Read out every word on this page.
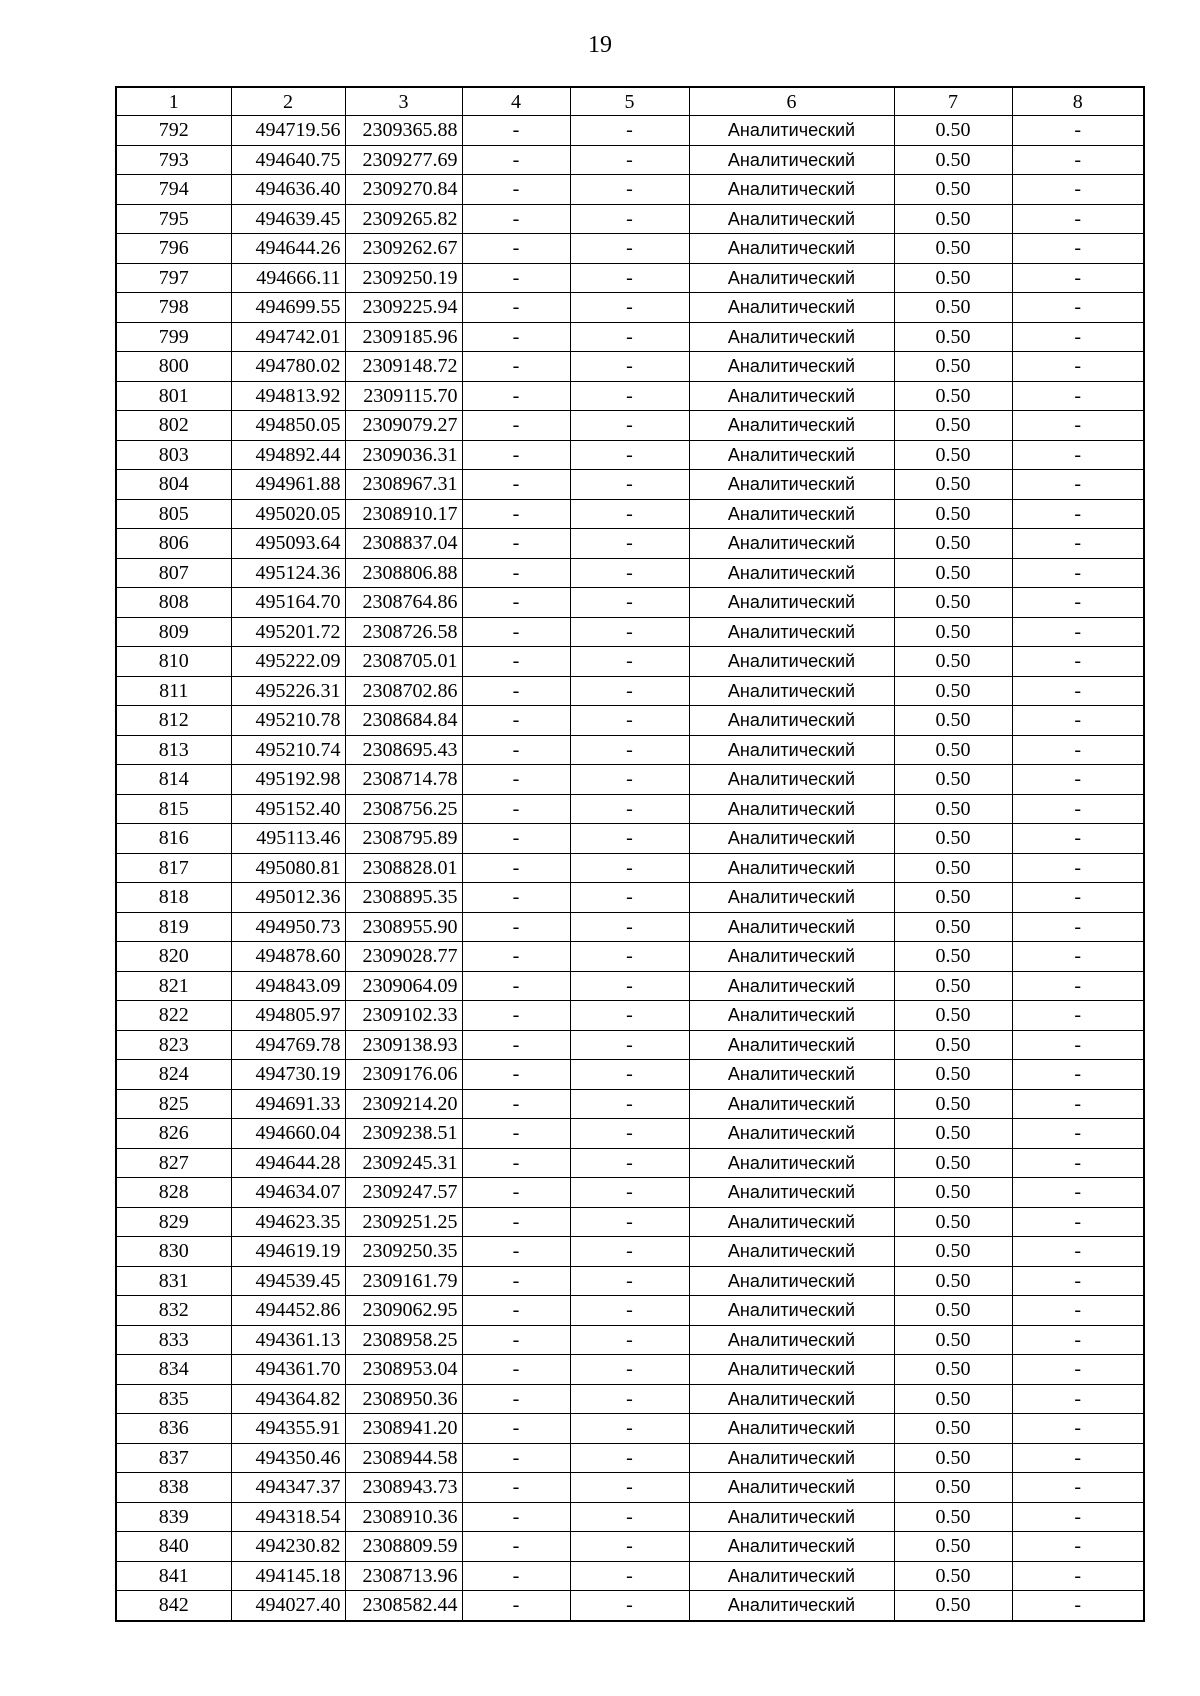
19
1	2	3	4	5	6	7	8
792	494719.56	2309365.88	-	-	Аналитический	0.50	-
793	494640.75	2309277.69	-	-	Аналитический	0.50	-
794	494636.40	2309270.84	-	-	Аналитический	0.50	-
795	494639.45	2309265.82	-	-	Аналитический	0.50	-
796	494644.26	2309262.67	-	-	Аналитический	0.50	-
797	494666.11	2309250.19	-	-	Аналитический	0.50	-
798	494699.55	2309225.94	-	-	Аналитический	0.50	-
799	494742.01	2309185.96	-	-	Аналитический	0.50	-
800	494780.02	2309148.72	-	-	Аналитический	0.50	-
801	494813.92	2309115.70	-	-	Аналитический	0.50	-
802	494850.05	2309079.27	-	-	Аналитический	0.50	-
803	494892.44	2309036.31	-	-	Аналитический	0.50	-
804	494961.88	2308967.31	-	-	Аналитический	0.50	-
805	495020.05	2308910.17	-	-	Аналитический	0.50	-
806	495093.64	2308837.04	-	-	Аналитический	0.50	-
807	495124.36	2308806.88	-	-	Аналитический	0.50	-
808	495164.70	2308764.86	-	-	Аналитический	0.50	-
809	495201.72	2308726.58	-	-	Аналитический	0.50	-
810	495222.09	2308705.01	-	-	Аналитический	0.50	-
811	495226.31	2308702.86	-	-	Аналитический	0.50	-
812	495210.78	2308684.84	-	-	Аналитический	0.50	-
813	495210.74	2308695.43	-	-	Аналитический	0.50	-
814	495192.98	2308714.78	-	-	Аналитический	0.50	-
815	495152.40	2308756.25	-	-	Аналитический	0.50	-
816	495113.46	2308795.89	-	-	Аналитический	0.50	-
817	495080.81	2308828.01	-	-	Аналитический	0.50	-
818	495012.36	2308895.35	-	-	Аналитический	0.50	-
819	494950.73	2308955.90	-	-	Аналитический	0.50	-
820	494878.60	2309028.77	-	-	Аналитический	0.50	-
821	494843.09	2309064.09	-	-	Аналитический	0.50	-
822	494805.97	2309102.33	-	-	Аналитический	0.50	-
823	494769.78	2309138.93	-	-	Аналитический	0.50	-
824	494730.19	2309176.06	-	-	Аналитический	0.50	-
825	494691.33	2309214.20	-	-	Аналитический	0.50	-
826	494660.04	2309238.51	-	-	Аналитический	0.50	-
827	494644.28	2309245.31	-	-	Аналитический	0.50	-
828	494634.07	2309247.57	-	-	Аналитический	0.50	-
829	494623.35	2309251.25	-	-	Аналитический	0.50	-
830	494619.19	2309250.35	-	-	Аналитический	0.50	-
831	494539.45	2309161.79	-	-	Аналитический	0.50	-
832	494452.86	2309062.95	-	-	Аналитический	0.50	-
833	494361.13	2308958.25	-	-	Аналитический	0.50	-
834	494361.70	2308953.04	-	-	Аналитический	0.50	-
835	494364.82	2308950.36	-	-	Аналитический	0.50	-
836	494355.91	2308941.20	-	-	Аналитический	0.50	-
837	494350.46	2308944.58	-	-	Аналитический	0.50	-
838	494347.37	2308943.73	-	-	Аналитический	0.50	-
839	494318.54	2308910.36	-	-	Аналитический	0.50	-
840	494230.82	2308809.59	-	-	Аналитический	0.50	-
841	494145.18	2308713.96	-	-	Аналитический	0.50	-
842	494027.40	2308582.44	-	-	Аналитический	0.50	-
